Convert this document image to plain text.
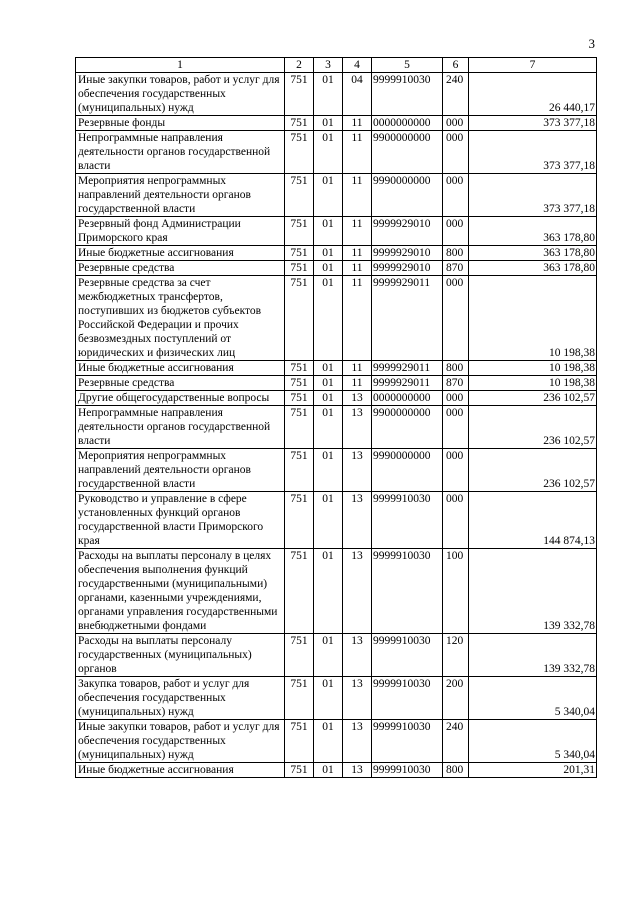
3
1	2	3	4	5	6	7
Иные закупки товаров, работ и услуг для обеспечения государственных (муниципальных) нужд	751	01	04	9999910030	240	26 440,17
Резервные фонды	751	01	11	0000000000	000	373 377,18
Непрограммные направления деятельности органов государственной власти	751	01	11	9900000000	000	373 377,18
Мероприятия непрограммных направлений деятельности органов государственной власти	751	01	11	9990000000	000	373 377,18
Резервный фонд Администрации Приморского края	751	01	11	9999929010	000	363 178,80
Иные бюджетные ассигнования	751	01	11	9999929010	800	363 178,80
Резервные средства	751	01	11	9999929010	870	363 178,80
Резервные средства за счет межбюджетных трансфертов, поступивших из бюджетов субъектов Российской Федерации и прочих безвозмездных поступлений от юридических и физических лиц	751	01	11	9999929011	000	10 198,38
Иные бюджетные ассигнования	751	01	11	9999929011	800	10 198,38
Резервные средства	751	01	11	9999929011	870	10 198,38
Другие общегосударственные вопросы	751	01	13	0000000000	000	236 102,57
Непрограммные направления деятельности органов государственной власти	751	01	13	9900000000	000	236 102,57
Мероприятия непрограммных направлений деятельности органов государственной власти	751	01	13	9990000000	000	236 102,57
Руководство и управление в сфере установленных функций органов государственной власти Приморского края	751	01	13	9999910030	000	144 874,13
Расходы на выплаты персоналу в целях обеспечения выполнения функций государственными (муниципальными) органами, казенными учреждениями, органами управления государственными внебюджетными фондами	751	01	13	9999910030	100	139 332,78
Расходы на выплаты персоналу государственных (муниципальных) органов	751	01	13	9999910030	120	139 332,78
Закупка товаров, работ и услуг для обеспечения государственных (муниципальных) нужд	751	01	13	9999910030	200	5 340,04
Иные закупки товаров, работ и услуг для обеспечения государственных (муниципальных) нужд	751	01	13	9999910030	240	5 340,04
Иные бюджетные ассигнования	751	01	13	9999910030	800	201,31
